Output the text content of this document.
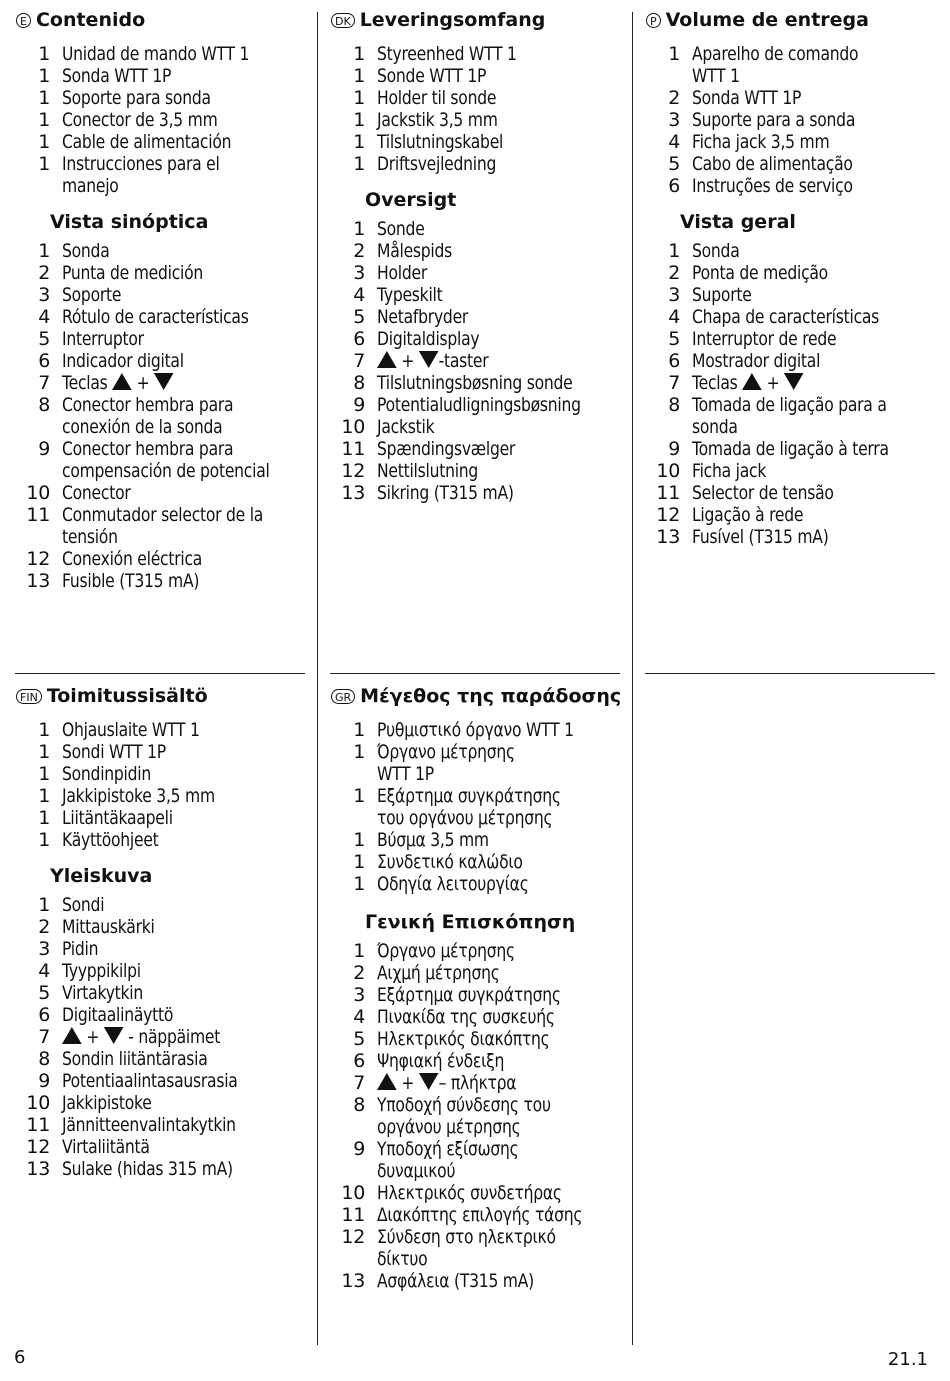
E Contenido
1 Unidad de mando WTT 1
1 Sonda WTT 1P
1 Soporte para sonda
1 Conector de 3,5 mm
1 Cable de alimentación
1 Instrucciones para el
manejo
Vista sinóptica
1 Sonda
2 Punta de medición
3 Soporte
4 Rótulo de características
5 Interruptor
6 Indicador digital
7 Teclas  +
8 Conector hembra para
conexión de la sonda
9 Conector hembra para
compensación de potencial
10 Conector
11 Conmutador selector de la
tensión
12 Conexión eléctrica
13 Fusible (T315 mA)
DK Leveringsomfang
1 Styreenhed WTT 1
1 Sonde WTT 1P
1 Holder til sonde
1 Jackstik 3,5 mm
1 Tilslutningskabel
1 Driftsvejledning
Oversigt
1 Sonde
2 Målespids
3 Holder
4 Typeskilt
5 Netafbryder
6 Digitaldisplay
7	+ -taster
8 Tilslutningsbøsning sonde
9 Potentialudligningsbøsning
10 Jackstik
11 Spændingsvælger
12 Nettilslutning
13 Sikring (T315 mA)
P Volume de entrega
1 Aparelho de comando
WTT 1
2 Sonda WTT 1P
3 Suporte para a sonda
4 Ficha jack 3,5 mm
5 Cabo de alimentação
6 Instruções de serviço
Vista geral
1 Sonda
2 Ponta de medição
3 Suporte
4 Chapa de características
5 Interruptor de rede
6 Mostrador digital
7 Teclas  +
8 Tomada de ligação para a
sonda
9 Tomada de ligação à terra
10 Ficha jack
11 Selector de tensão
12 Ligação à rede
13 Fusível (T315 mA)
FIN Toimitussisältö
1 Ohjauslaite WTT 1
1 Sondi WTT 1P
1 Sondinpidin
1 Jakkipistoke 3,5 mm
1 Liitäntäkaapeli
1 Käyttöohjeet
Yleiskuva
1 Sondi
2 Mittauskärki
3 Pidin
4 Tyyppikilpi
5 Virtakytkin
6 Digitaalinäyttö
7	+  - näppäimet
8 Sondin liitäntärasia
9 Potentiaalintasausrasia
10 Jakkipistoke
11 Jännitteenvalintakytkin
12 Virtaliitäntä
13 Sulake (hidas 315 mA)
GR Μέγεθος της παράδοσης
1 Ρυθμιστικό όργανο WTT 1
1 Όργανο μέτρησης
WTT 1P
1 Εξάρτημα συγκράτησης
του οργάνου μέτρησης
1 Βύσμα 3,5 mm
1 Συνδετικό καλώδιο
1 Οδηγία λειτουργίας
Γενική Επισκόπηση
1 Όργανο μέτρησης
2 Αιχμή μέτρησης
3 Εξάρτημα συγκράτησης
4 Πινακίδα της συσκευής
5 Ηλεκτρικός διακόπτης
6 Ψηφιακή ένδειξη
7	+ – πλήκτρα
8 Υποδοχή σύνδεσης του
οργάνου μέτρησης
9 Υποδοχή εξίσωσης
δυναμικού
10 Ηλεκτρικός συνδετήρας
11 Διακόπτης επιλογής τάσης
12 Σύνδεση στο ηλεκτρικό
δίκτυο
13 Ασφάλεια (T315 mA)
6	21.1
